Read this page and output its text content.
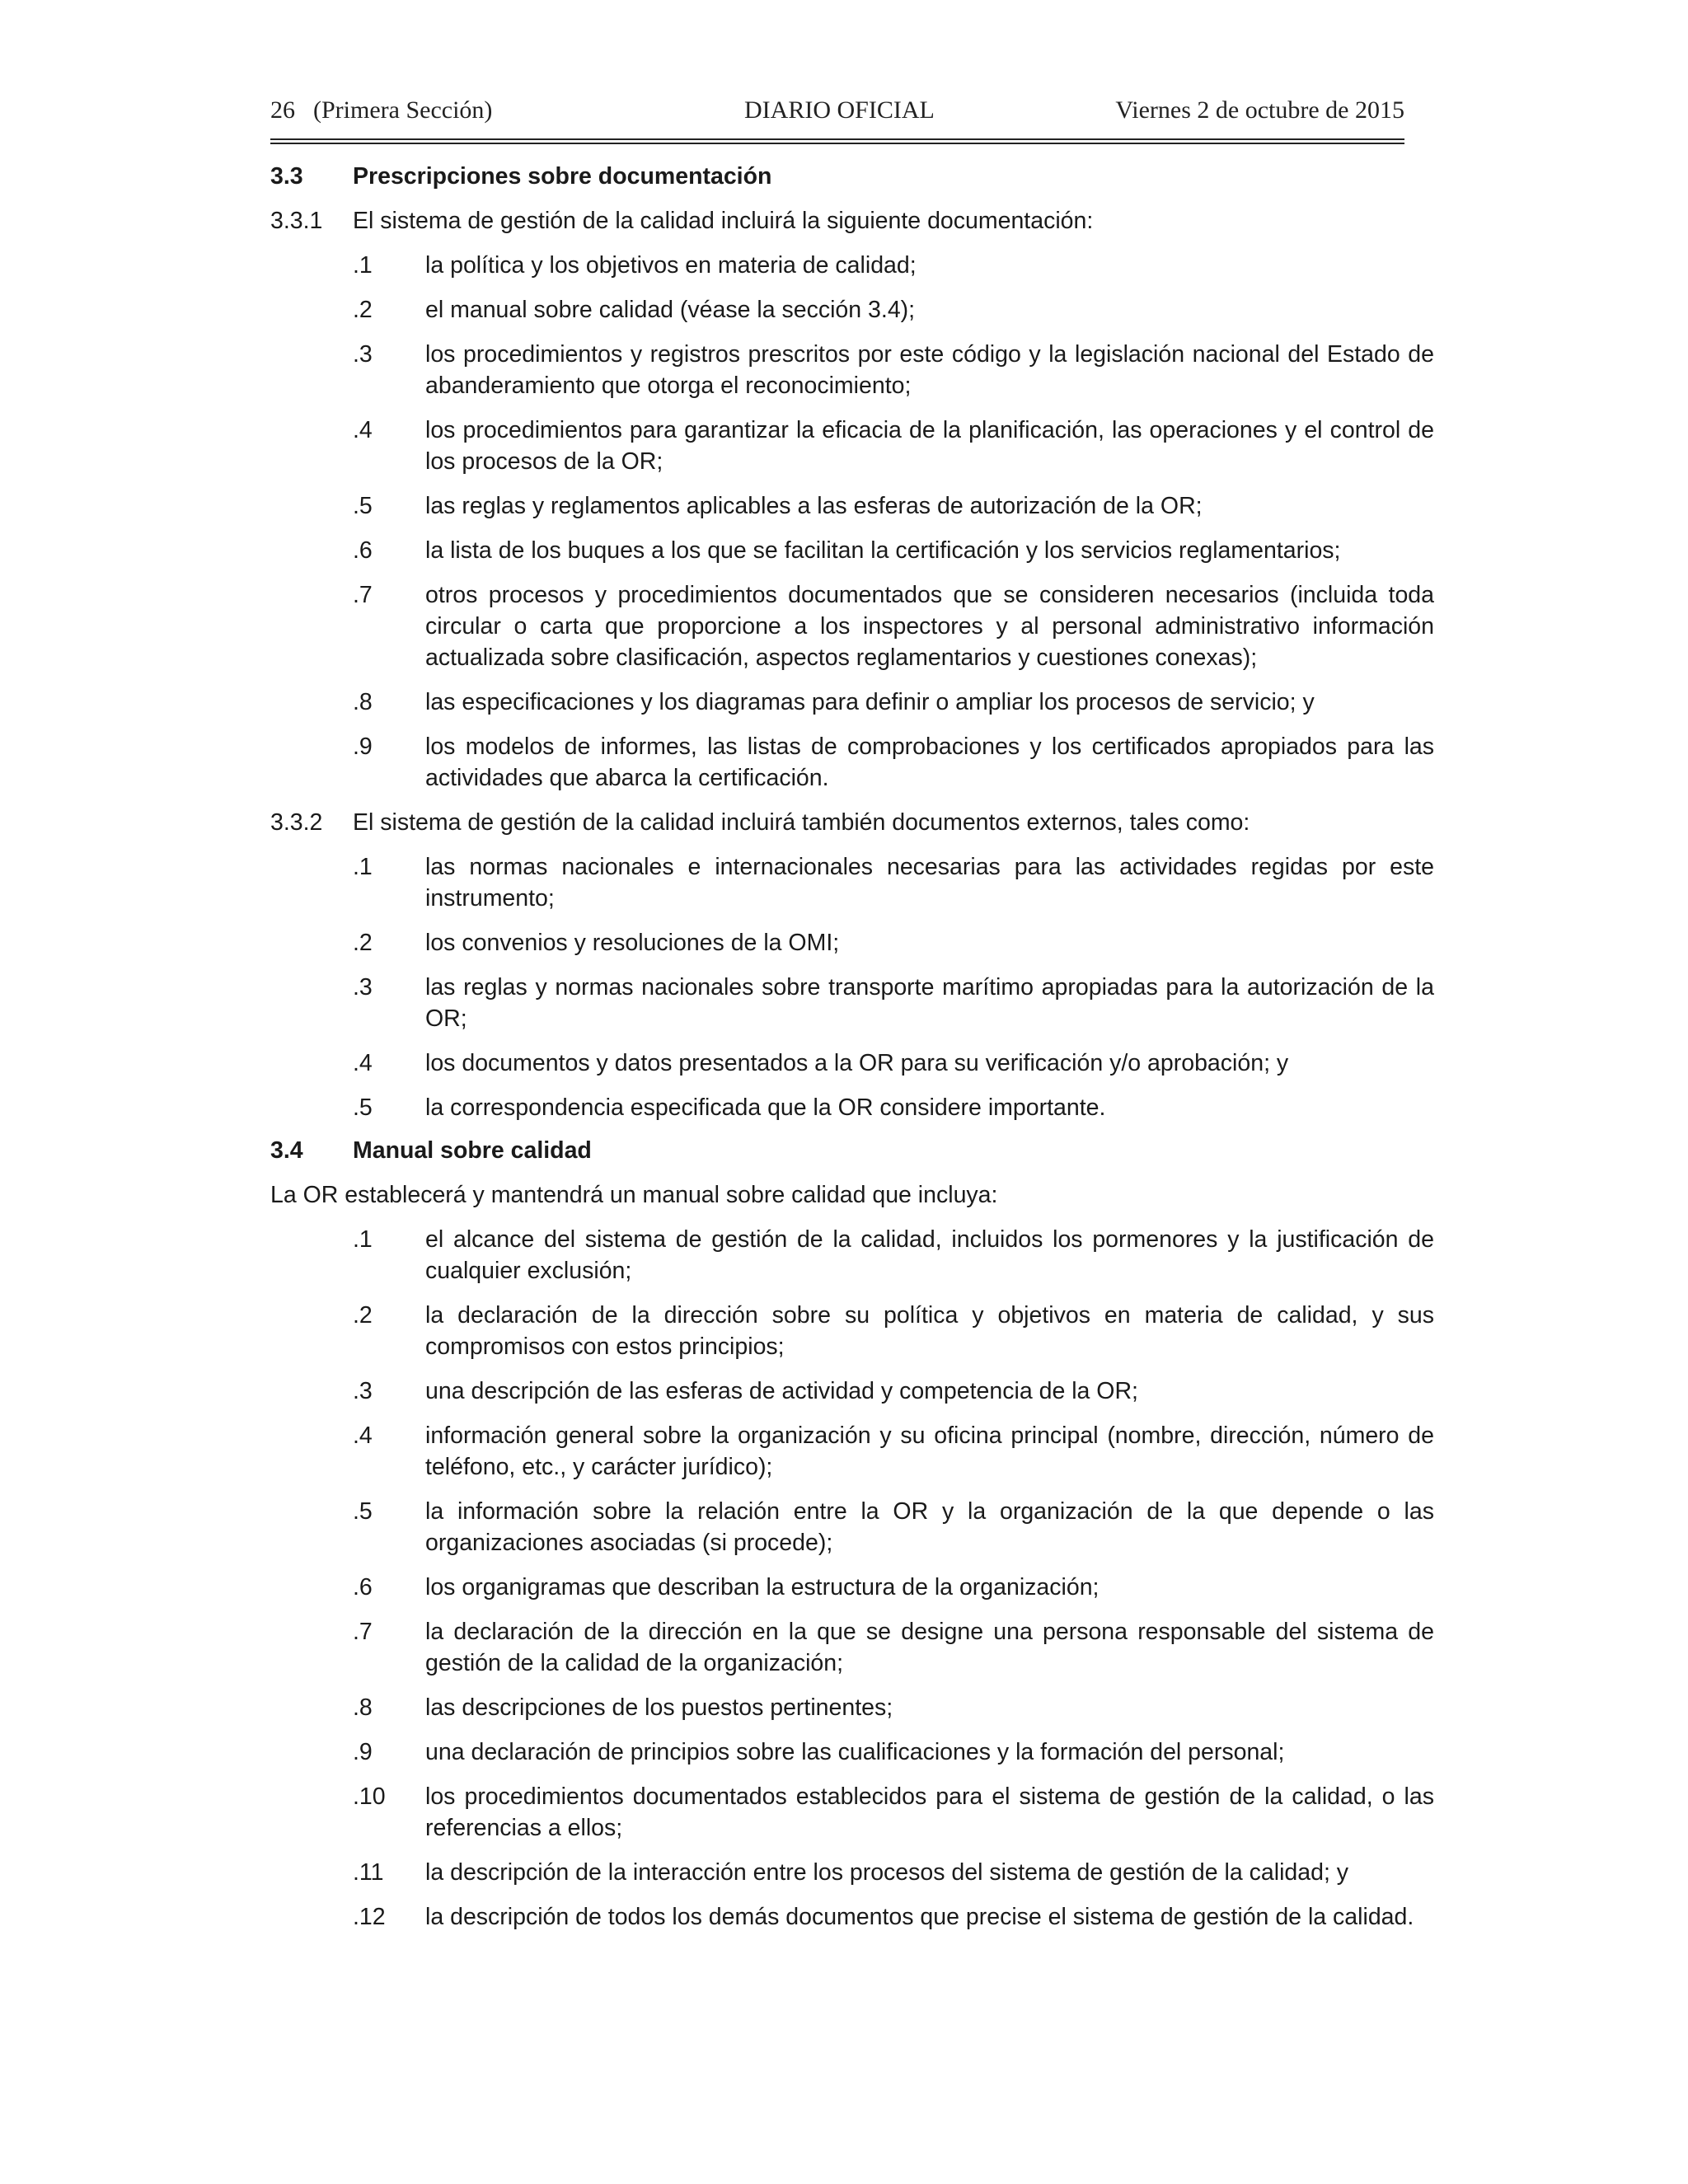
26 (Primera Sección)	DIARIO OFICIAL	Viernes 2 de octubre de 2015
3.3	Prescripciones sobre documentación
3.3.1	El sistema de gestión de la calidad incluirá la siguiente documentación:
.1	la política y los objetivos en materia de calidad;
.2	el manual sobre calidad (véase la sección 3.4);
.3	los procedimientos y registros prescritos por este código y la legislación nacional del Estado de abanderamiento que otorga el reconocimiento;
.4	los procedimientos para garantizar la eficacia de la planificación, las operaciones y el control de los procesos de la OR;
.5	las reglas y reglamentos aplicables a las esferas de autorización de la OR;
.6	la lista de los buques a los que se facilitan la certificación y los servicios reglamentarios;
.7	otros procesos y procedimientos documentados que se consideren necesarios (incluida toda circular o carta que proporcione a los inspectores y al personal administrativo información actualizada sobre clasificación, aspectos reglamentarios y cuestiones conexas);
.8	las especificaciones y los diagramas para definir o ampliar los procesos de servicio; y
.9	los modelos de informes, las listas de comprobaciones y los certificados apropiados para las actividades que abarca la certificación.
3.3.2	El sistema de gestión de la calidad incluirá también documentos externos, tales como:
.1	las normas nacionales e internacionales necesarias para las actividades regidas por este instrumento;
.2	los convenios y resoluciones de la OMI;
.3	las reglas y normas nacionales sobre transporte marítimo apropiadas para la autorización de la OR;
.4	los documentos y datos presentados a la OR para su verificación y/o aprobación; y
.5	la correspondencia especificada que la OR considere importante.
3.4	Manual sobre calidad
La OR establecerá y mantendrá un manual sobre calidad que incluya:
.1	el alcance del sistema de gestión de la calidad, incluidos los pormenores y la justificación de cualquier exclusión;
.2	la declaración de la dirección sobre su política y objetivos en materia de calidad, y sus compromisos con estos principios;
.3	una descripción de las esferas de actividad y competencia de la OR;
.4	información general sobre la organización y su oficina principal (nombre, dirección, número de teléfono, etc., y carácter jurídico);
.5	la información sobre la relación entre la OR y la organización de la que depende o las organizaciones asociadas (si procede);
.6	los organigramas que describan la estructura de la organización;
.7	la declaración de la dirección en la que se designe una persona responsable del sistema de gestión de la calidad de la organización;
.8	las descripciones de los puestos pertinentes;
.9	una declaración de principios sobre las cualificaciones y la formación del personal;
.10	los procedimientos documentados establecidos para el sistema de gestión de la calidad, o las referencias a ellos;
.11	la descripción de la interacción entre los procesos del sistema de gestión de la calidad; y
.12	la descripción de todos los demás documentos que precise el sistema de gestión de la calidad.
